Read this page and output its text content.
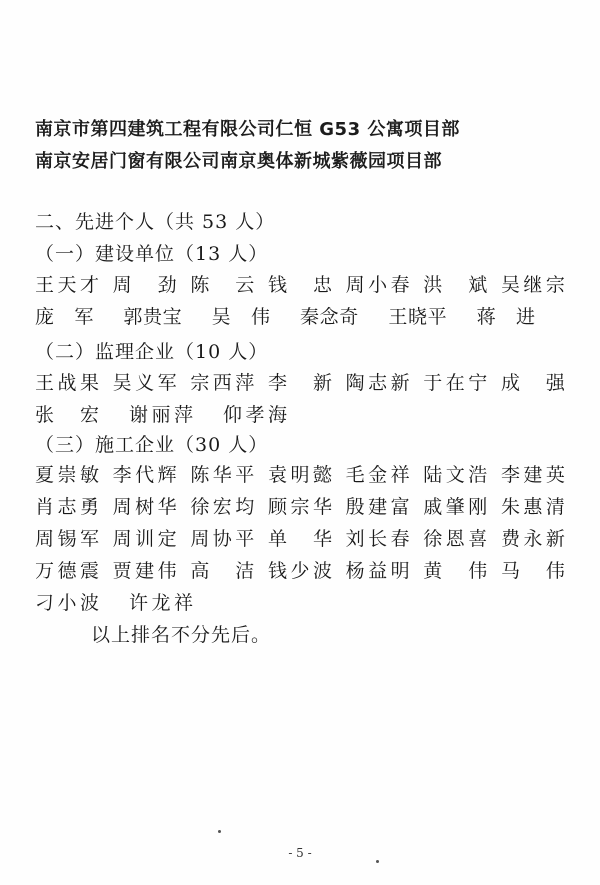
南京市第四建筑工程有限公司仁恒 G53 公寓项目部
南京安居门窗有限公司南京奥体新城紫薇园项目部
二、先进个人（共 53 人）
（一）建设单位（13 人）
王天才 周劲 陈云 钱忠 周小春 洪斌 吴继宗
庞军 郭贵宝 吴伟 秦念奇 王晓平 蒋进
（二）监理企业（10 人）
王战果 吴义军 宗西萍 李新 陶志新 于在宁 成强
张宏 谢丽萍 仰孝海
（三）施工企业（30 人）
夏崇敏 李代辉 陈华平 袁明懿 毛金祥 陆文浩 李建英
肖志勇 周树华 徐宏均 顾宗华 殷建富 戚肇刚 朱惠清
周锡军 周训定 周协平 单华 刘长春 徐恩喜 费永新
万德震 贾建伟 高洁 钱少波 杨益明 黄伟 马伟
刁小波 许龙祥
以上排名不分先后。
- 5 -
